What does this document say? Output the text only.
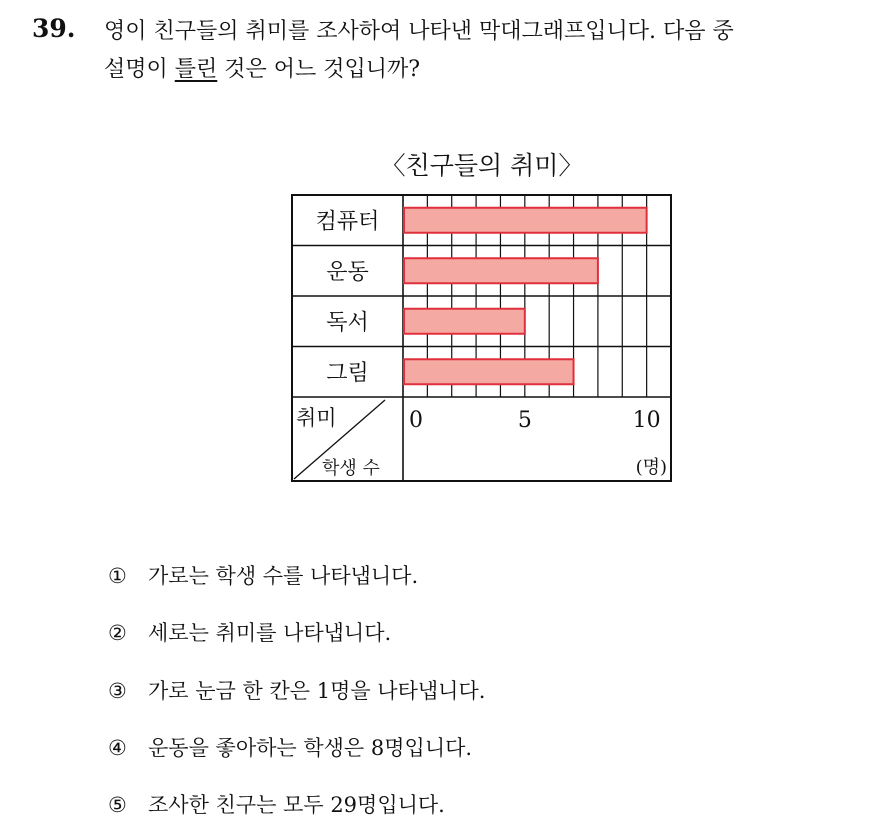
39. 영이 친구들의 취미를 조사하여 나타낸 막대그래프입니다. 다음 중
설명이 틀린 것은 어느 것입니까?
〈친구들의 취미〉
컴퓨터
운동
독서
그림
0	5	10
(명)
취미
학생 수
① 가로는 학생 수를 나타냅니다.
② 세로는 취미를 나타냅니다.
③ 가로 눈금 한 칸은 1명을 나타냅니다.
④ 운동을 좋아하는 학생은 8명입니다.
⑤ 조사한 친구는 모두 29명입니다.
